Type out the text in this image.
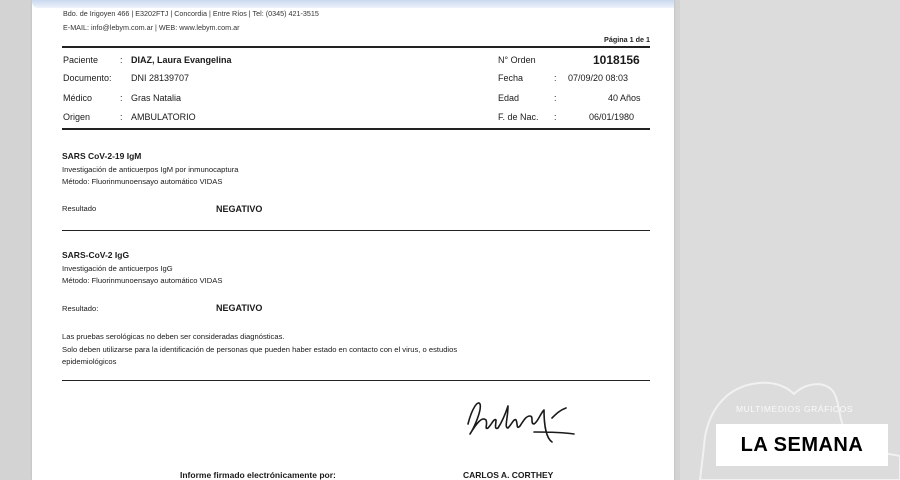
Bdo. de Irigoyen 466 | E3202FTJ | Concordia | Entre Ríos | Tel: (0345) 421-3515
E-MAIL: info@lebym.com.ar | WEB: www.lebym.com.ar
Página 1 de 1
Paciente : DIAZ, Laura Evangelina
Documento: DNI 28139707
Médico	: Gras Natalia
Origen	: AMBULATORIO
N° Orden	1018156
Fecha	: 07/09/20 08:03
Edad	:	40 Años
F. de Nac. :	06/01/1980
SARS CoV-2-19 IgM
Investigación de anticuerpos IgM por inmunocaptura
Método: Fluorinmunoensayo automático VIDAS
Resultado	NEGATIVO
SARS-CoV-2 IgG
Investigación de anticuerpos IgG
Método: Fluorinmunoensayo automático VIDAS
Resultado:	NEGATIVO
Las pruebas serológicas no deben ser consideradas diagnósticas.
Solo deben utilizarse para la identificación de personas que pueden haber estado en contacto con el virus, o estudios
epidemiológicos
Informe firmado electrónicamente por:	CARLOS A. CORTHEY
MULTIMEDIOS GRÁFICOS
LA SEMANA
